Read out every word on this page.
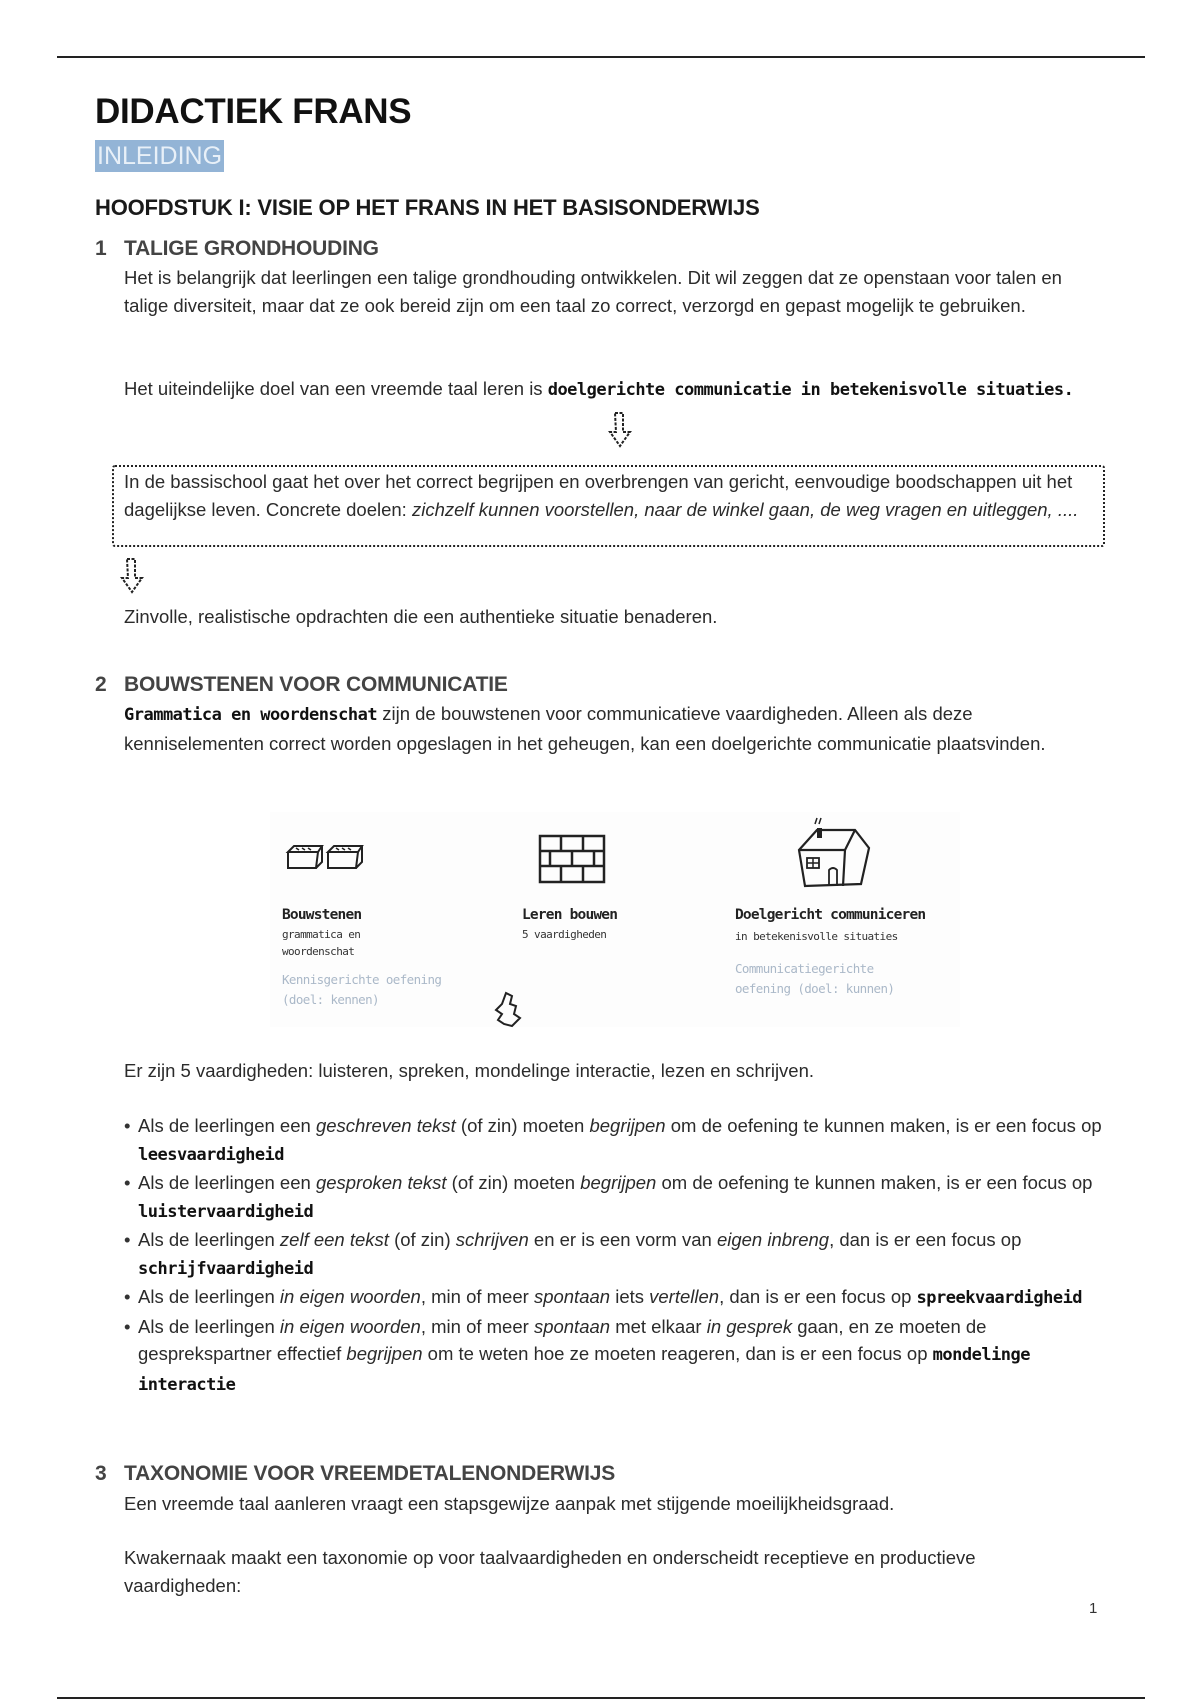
DIDACTIEK FRANS
INLEIDING
HOOFDSTUK I: VISIE OP HET FRANS IN HET BASISONDERWIJS
1 TALIGE GRONDHOUDING
Het is belangrijk dat leerlingen een talige grondhouding ontwikkelen. Dit wil zeggen dat ze openstaan voor talen en talige diversiteit, maar dat ze ook bereid zijn om een taal zo correct, verzorgd en gepast mogelijk te gebruiken.
Het uiteindelijke doel van een vreemde taal leren is doelgerichte communicatie in betekenisvolle situaties.
In de bassischool gaat het over het correct begrijpen en overbrengen van gericht, eenvoudige boodschappen uit het dagelijkse leven. Concrete doelen: zichzelf kunnen voorstellen, naar de winkel gaan, de weg vragen en uitleggen, ....
Zinvolle, realistische opdrachten die een authentieke situatie benaderen.
2 BOUWSTENEN VOOR COMMUNICATIE
Grammatica en woordenschat zijn de bouwstenen voor communicatieve vaardigheden. Alleen als deze kenniselementen correct worden opgeslagen in het geheugen, kan een doelgerichte communicatie plaatsvinden.
Bouwstenen
grammatica en woordenschat
Kennisgerichte oefening (doel: kennen)
Leren bouwen
5 vaardigheden
Doelgericht communiceren
in betekenisvolle situaties
Communicatiegerichte oefening (doel: kunnen)
Er zijn 5 vaardigheden: luisteren, spreken, mondelinge interactie, lezen en schrijven.
• Als de leerlingen een geschreven tekst (of zin) moeten begrijpen om de oefening te kunnen maken, is er een focus op leesvaardigheid
• Als de leerlingen een gesproken tekst (of zin) moeten begrijpen om de oefening te kunnen maken, is er een focus op luistervaardigheid
• Als de leerlingen zelf een tekst (of zin) schrijven en er is een vorm van eigen inbreng, dan is er een focus op schrijfvaardigheid
• Als de leerlingen in eigen woorden, min of meer spontaan iets vertellen, dan is er een focus op spreekvaardigheid
• Als de leerlingen in eigen woorden, min of meer spontaan met elkaar in gesprek gaan, en ze moeten de gesprekspartner effectief begrijpen om te weten hoe ze moeten reageren, dan is er een focus op mondelinge interactie
3 TAXONOMIE VOOR VREEMDETALENONDERWIJS
Een vreemde taal aanleren vraagt een stapsgewijze aanpak met stijgende moeilijkheidsgraad.
Kwakernaak maakt een taxonomie op voor taalvaardigheden en onderscheidt receptieve en productieve vaardigheden:
1
